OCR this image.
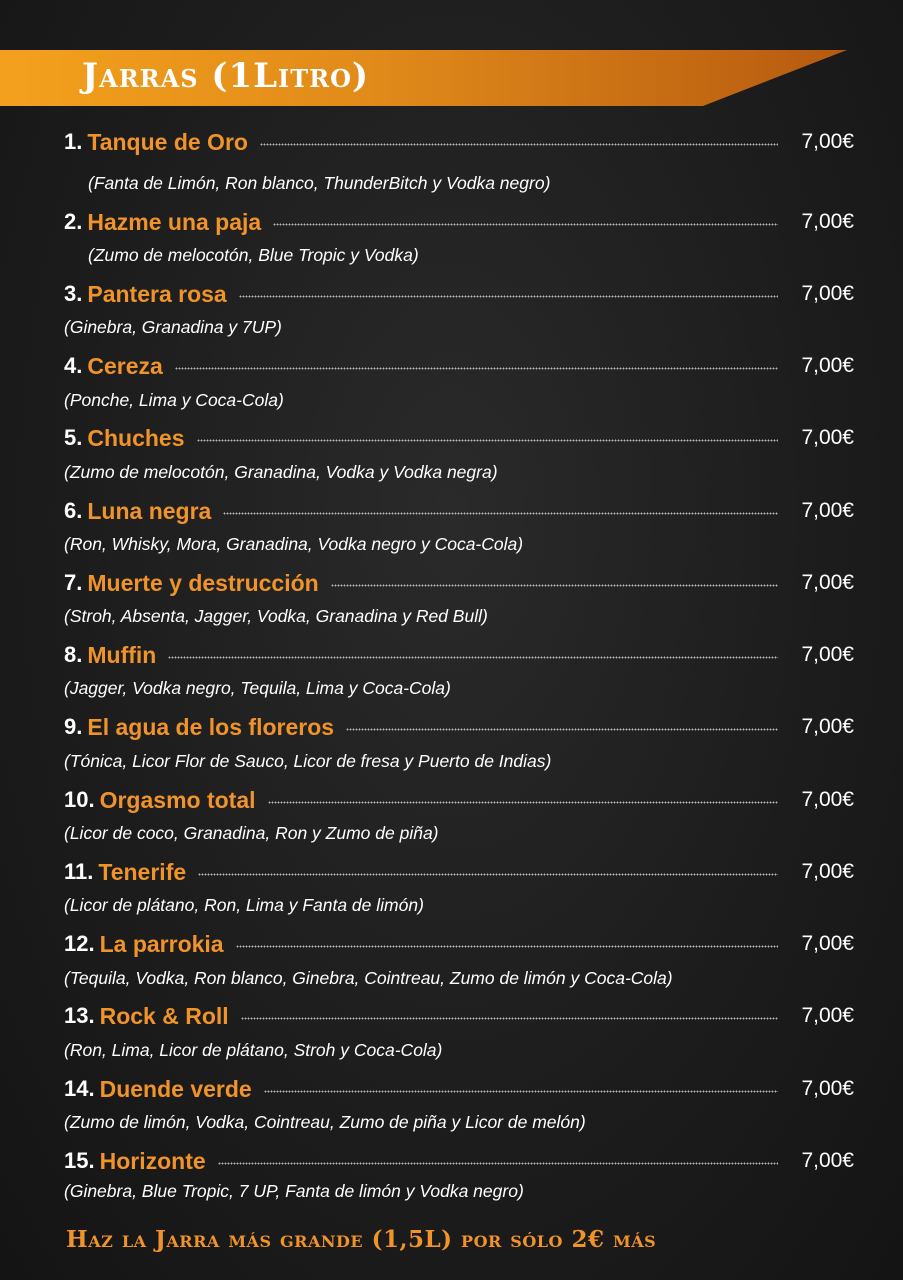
Jarras (1Litro)
1. Tanque de Oro	7,00€
(Fanta de Limón, Ron blanco, ThunderBitch y Vodka negro)
2. Hazme una paja	7,00€
(Zumo de melocotón, Blue Tropic y Vodka)
3. Pantera rosa	7,00€
(Ginebra, Granadina y 7UP)
4. Cereza	7,00€
(Ponche, Lima y Coca-Cola)
5. Chuches	7,00€
(Zumo de melocotón, Granadina, Vodka y Vodka negra)
6. Luna negra	7,00€
(Ron, Whisky, Mora, Granadina, Vodka negro y Coca-Cola)
7. Muerte y destrucción	7,00€
(Stroh, Absenta, Jagger, Vodka, Granadina y Red Bull)
8. Muffin	7,00€
(Jagger, Vodka negro, Tequila, Lima y Coca-Cola)
9. El agua de los floreros	7,00€
(Tónica, Licor Flor de Sauco, Licor de fresa y Puerto de Indias)
10. Orgasmo total	7,00€
(Licor de coco, Granadina, Ron y Zumo de piña)
11. Tenerife	7,00€
(Licor de plátano, Ron, Lima y Fanta de limón)
12. La parrokia	7,00€
(Tequila, Vodka, Ron blanco, Ginebra, Cointreau, Zumo de limón y Coca-Cola)
13. Rock & Roll	7,00€
(Ron, Lima, Licor de plátano, Stroh y Coca-Cola)
14. Duende verde	7,00€
(Zumo de limón, Vodka, Cointreau, Zumo de piña y Licor de melón)
15. Horizonte	7,00€
(Ginebra, Blue Tropic, 7 UP, Fanta de limón y Vodka negro)
Haz la Jarra más grande (1,5L) por sólo 2€ más
